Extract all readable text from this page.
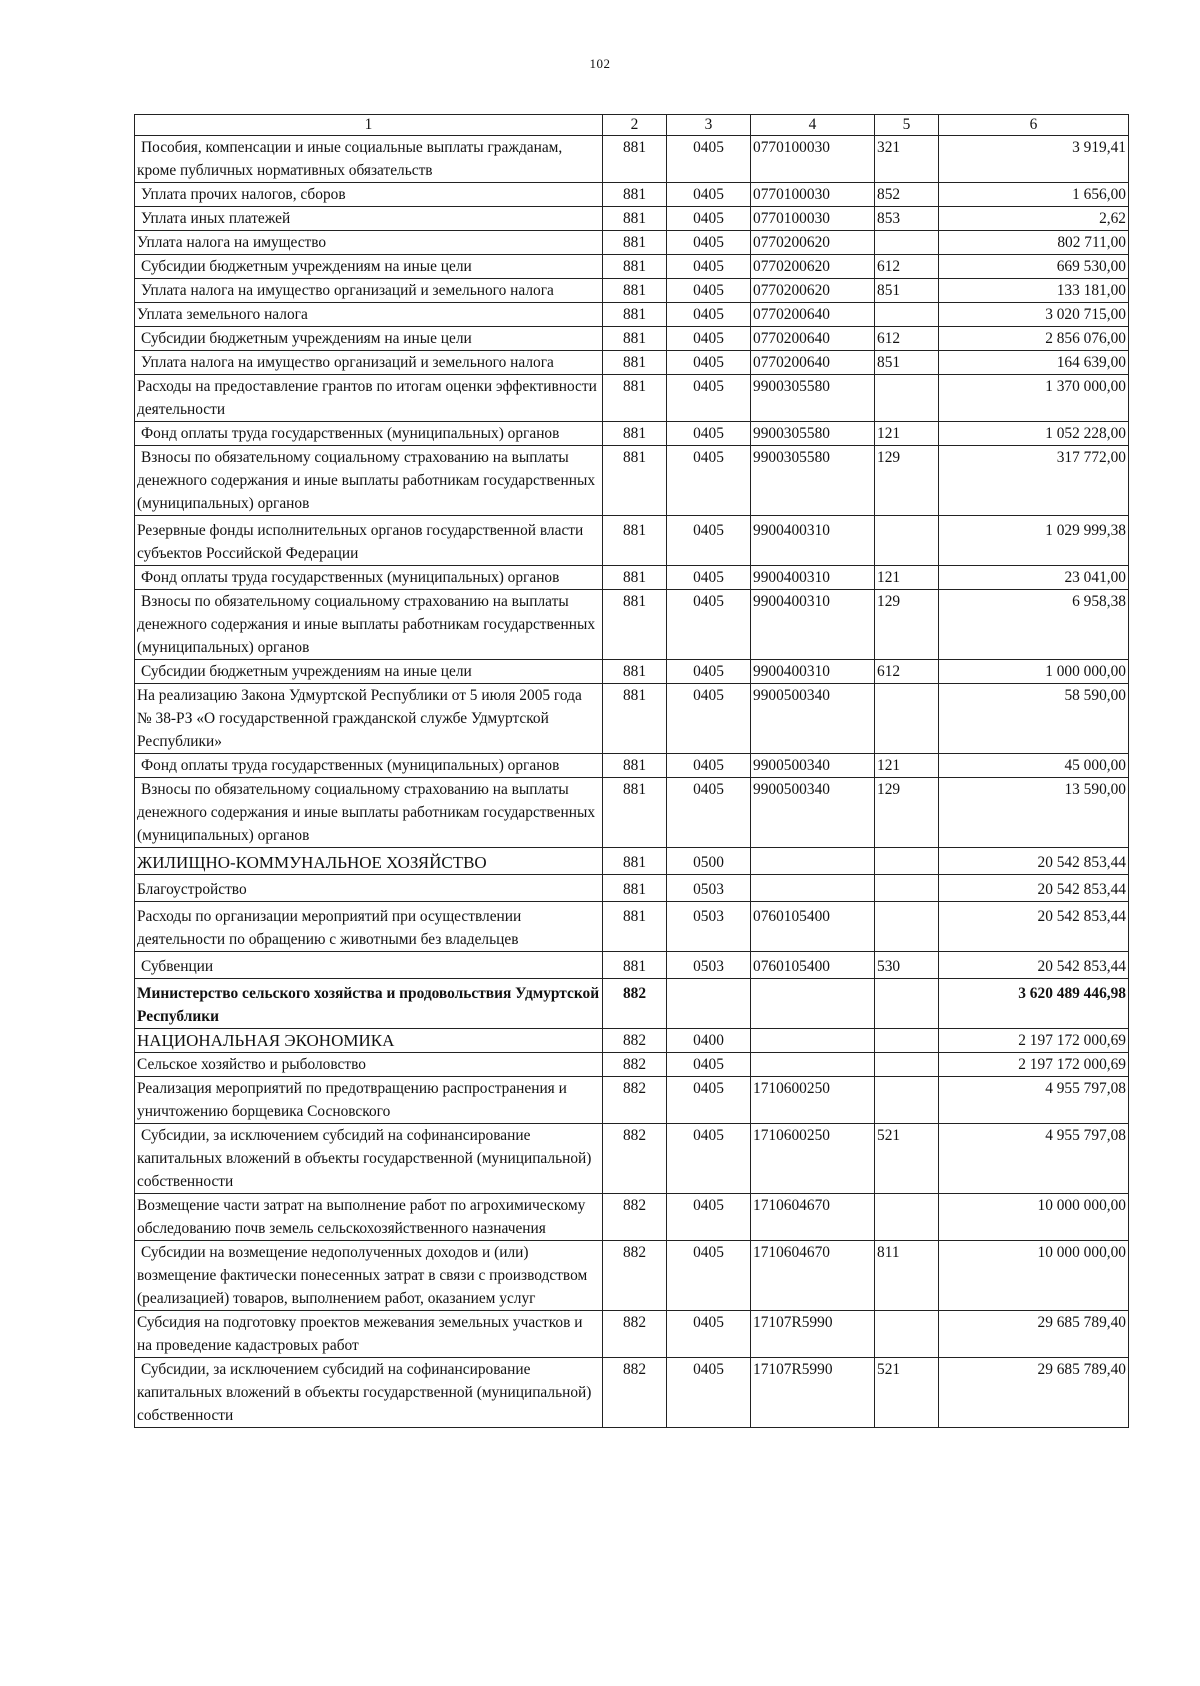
102
1	2	3	4	5	6
Пособия, компенсации и иные социальные выплаты гражданам, кроме публичных нормативных обязательств	881	0405	0770100030	321	3 919,41
Уплата прочих налогов, сборов	881	0405	0770100030	852	1 656,00
Уплата иных платежей	881	0405	0770100030	853	2,62
Уплата налога на имущество	881	0405	0770200620		802 711,00
Субсидии бюджетным учреждениям на иные цели	881	0405	0770200620	612	669 530,00
Уплата налога на имущество организаций и земельного налога	881	0405	0770200620	851	133 181,00
Уплата земельного налога	881	0405	0770200640		3 020 715,00
Субсидии бюджетным учреждениям на иные цели	881	0405	0770200640	612	2 856 076,00
Уплата налога на имущество организаций и земельного налога	881	0405	0770200640	851	164 639,00
Расходы на предоставление грантов по итогам оценки эффективности деятельности	881	0405	9900305580		1 370 000,00
Фонд оплаты труда государственных (муниципальных) органов	881	0405	9900305580	121	1 052 228,00
Взносы по обязательному социальному страхованию на выплаты денежного содержания и иные выплаты работникам государственных (муниципальных) органов	881	0405	9900305580	129	317 772,00
Резервные фонды исполнительных органов государственной власти субъектов Российской Федерации	881	0405	9900400310		1 029 999,38
Фонд оплаты труда государственных (муниципальных) органов	881	0405	9900400310	121	23 041,00
Взносы по обязательному социальному страхованию на выплаты денежного содержания и иные выплаты работникам государственных (муниципальных) органов	881	0405	9900400310	129	6 958,38
Субсидии бюджетным учреждениям на иные цели	881	0405	9900400310	612	1 000 000,00
На реализацию Закона Удмуртской Республики от 5 июля 2005 года № 38-РЗ «О государственной гражданской службе Удмуртской Республики»	881	0405	9900500340		58 590,00
Фонд оплаты труда государственных (муниципальных) органов	881	0405	9900500340	121	45 000,00
Взносы по обязательному социальному страхованию на выплаты денежного содержания и иные выплаты работникам государственных (муниципальных) органов	881	0405	9900500340	129	13 590,00
ЖИЛИЩНО-КОММУНАЛЬНОЕ ХОЗЯЙСТВО	881	0500			20 542 853,44
Благоустройство	881	0503			20 542 853,44
Расходы по организации мероприятий при осуществлении деятельности по обращению с животными без владельцев	881	0503	0760105400		20 542 853,44
Субвенции	881	0503	0760105400	530	20 542 853,44
Министерство сельского хозяйства и продовольствия Удмуртской Республики	882				3 620 489 446,98
НАЦИОНАЛЬНАЯ ЭКОНОМИКА	882	0400			2 197 172 000,69
Сельское хозяйство и рыболовство	882	0405			2 197 172 000,69
Реализация мероприятий по предотвращению распространения и уничтожению борщевика Сосновского	882	0405	1710600250		4 955 797,08
Субсидии, за исключением субсидий на софинансирование капитальных вложений в объекты государственной (муниципальной) собственности	882	0405	1710600250	521	4 955 797,08
Возмещение части затрат на выполнение работ по агрохимическому обследованию почв земель сельскохозяйственного назначения	882	0405	1710604670		10 000 000,00
Субсидии на возмещение недополученных доходов и (или) возмещение фактически понесенных затрат в связи с производством (реализацией) товаров, выполнением работ, оказанием услуг	882	0405	1710604670	811	10 000 000,00
Субсидия на подготовку проектов межевания земельных участков и на проведение кадастровых работ	882	0405	17107R5990		29 685 789,40
Субсидии, за исключением субсидий на софинансирование капитальных вложений в объекты государственной (муниципальной) собственности	882	0405	17107R5990	521	29 685 789,40
